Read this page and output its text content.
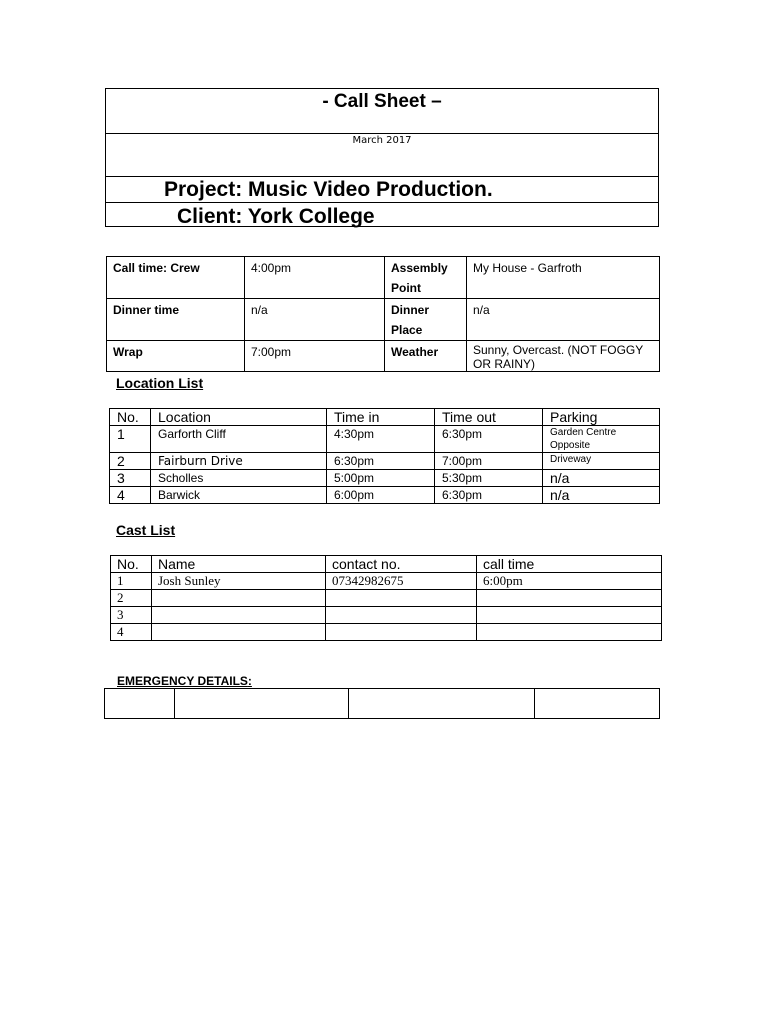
- Call Sheet –
March 2017
Project: Music Video Production.
Client: York College
Call time: Crew	4:00pm	Assembly Point	My House - Garfroth
Dinner time	n/a	Dinner Place	n/a
Wrap	7:00pm	Weather	Sunny, Overcast. (NOT FOGGY OR RAINY)
Location List
No.	Location	Time in	Time out	Parking
1	Garforth Cliff	4:30pm	6:30pm	Garden Centre Opposite
2	Fairburn Drive	6:30pm	7:00pm	Driveway
3	Scholles	5:00pm	5:30pm	n/a
4	Barwick	6:00pm	6:30pm	n/a
Cast List
No.	Name	contact no.	call time
1	Josh Sunley	07342982675	6:00pm
2			
3			
4			
EMERGENCY DETAILS:
